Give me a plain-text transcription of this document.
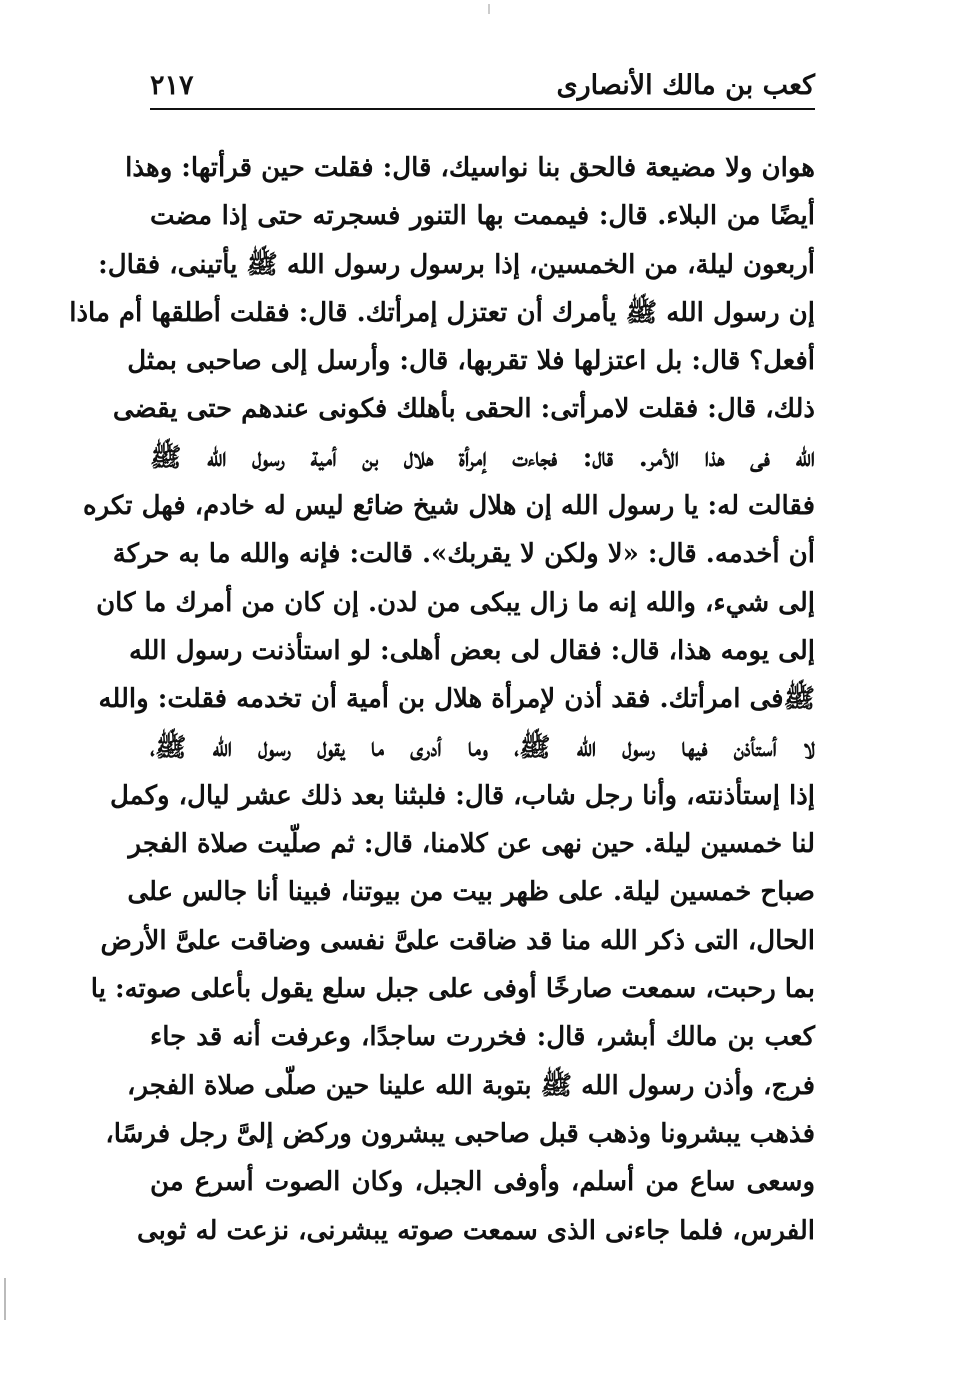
كعب بن مالك الأنصارى
٢١٧
هوان ولا مضيعة فالحق بنا نواسيك، قال: فقلت حين قرأتها: وهذا
أيضًا من البلاء. قال: فيممت بها التنور فسجرته حتى إذا مضت
أربعون ليلة، من الخمسين، إذا برسول رسول الله ﷺ يأتينى، فقال:
إن رسول الله ﷺ يأمرك أن تعتزل إمرأتك. قال: فقلت أطلقها أم ماذا
أفعل؟ قال: بل اعتزلها فلا تقربها، قال: وأرسل إلى صاحبى بمثل
ذلك، قال: فقلت لامرأتى: الحقى بأهلك فكونى عندهم حتى يقضى
الله فى هذا الأمر. قال: فجاءت إمرأة هلال بن أمية رسول الله ﷺ
فقالت له: يا رسول الله إن هلال شيخ ضائع ليس له خادم، فهل تكره
أن أخدمه. قال: «لا ولكن لا يقربك». قالت: فإنه والله ما به حركة
إلى شيء، والله إنه ما زال يبكى من لدن. إن كان من أمرك ما كان
إلى يومه هذا، قال: فقال لى بعض أهلى: لو استأذنت رسول الله
ﷺفى امرأتك. فقد أذن لإمرأة هلال بن أمية أن تخدمه فقلت: والله
لا أستأذن فيها رسول الله ﷺ، وما أدرى ما يقول رسول الله ﷺ،
إذا إستأذنته، وأنا رجل شاب، قال: فلبثنا بعد ذلك عشر ليال، وكمل
لنا خمسين ليلة. حين نهى عن كلامنا، قال: ثم صلّيت صلاة الفجر
صباح خمسين ليلة. على ظهر بيت من بيوتنا، فبينا أنا جالس على
الحال، التى ذكر الله منا قد ضاقت علىَّ نفسى وضاقت علىَّ الأرض
بما رحبت، سمعت صارخًا أوفى على جبل سلع يقول بأعلى صوته: يا
كعب بن مالك أبشر، قال: فخررت ساجدًا، وعرفت أنه قد جاء
فرج، وأذن رسول الله ﷺ بتوبة الله علينا حين صلّى صلاة الفجر،
فذهب يبشرونا وذهب قبل صاحبى يبشرون وركض إلىَّ رجل فرسًا،
وسعى ساع من أسلم، وأوفى الجبل، وكان الصوت أسرع من
الفرس، فلما جاءنى الذى سمعت صوته يبشرنى، نزعت له ثوبى
